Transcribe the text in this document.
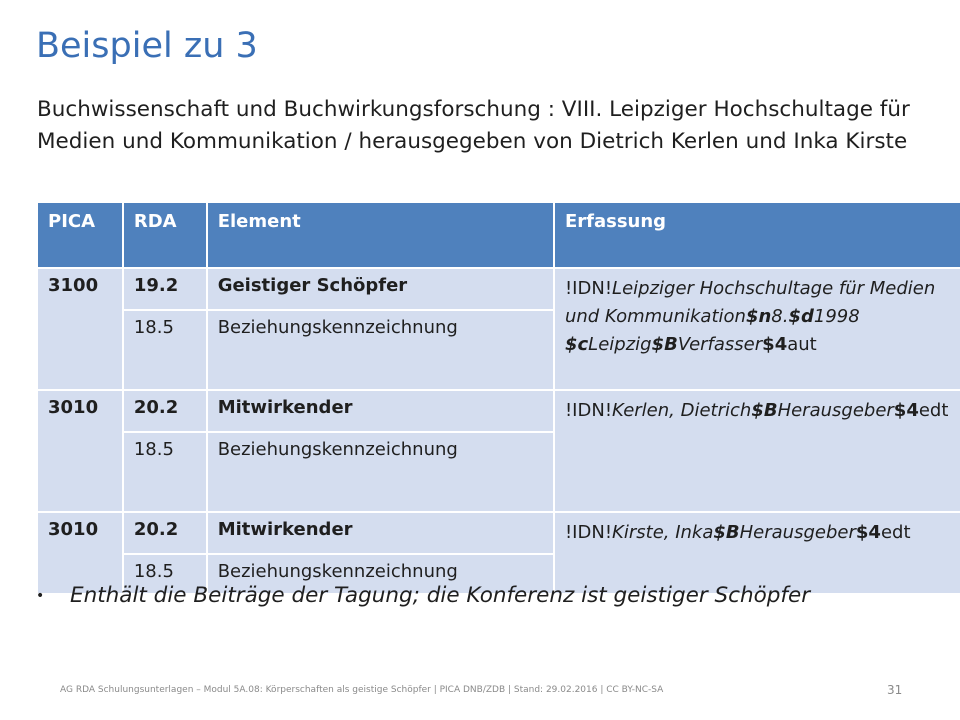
Beispiel zu 3
Buchwissenschaft und Buchwirkungsforschung : VIII. Leipziger Hochschultage für Medien und Kommunikation / herausgegeben von Dietrich Kerlen und Inka Kirste
PICA	RDA	Element	Erfassung
3100	19.2	Geistiger Schöpfer	!IDN!Leipziger Hochschultage für Medien und Kommunikation$n8.$d1998 $cLeipzig$BVerfasser$4aut
	18.5	Beziehungskennzeichnung	
3010	20.2	Mitwirkender	!IDN!Kerlen, Dietrich$BHerausgeber$4edt
	18.5	Beziehungskennzeichnung	
3010	20.2	Mitwirkender	!IDN!Kirste, Inka$BHerausgeber$4edt
	18.5	Beziehungskennzeichnung	
• Enthält die Beiträge der Tagung; die Konferenz ist geistiger Schöpfer
AG RDA Schulungsunterlagen – Modul 5A.08: Körperschaften als geistige Schöpfer | PICA DNB/ZDB | Stand: 29.02.2016 | CC BY-NC-SA	31
